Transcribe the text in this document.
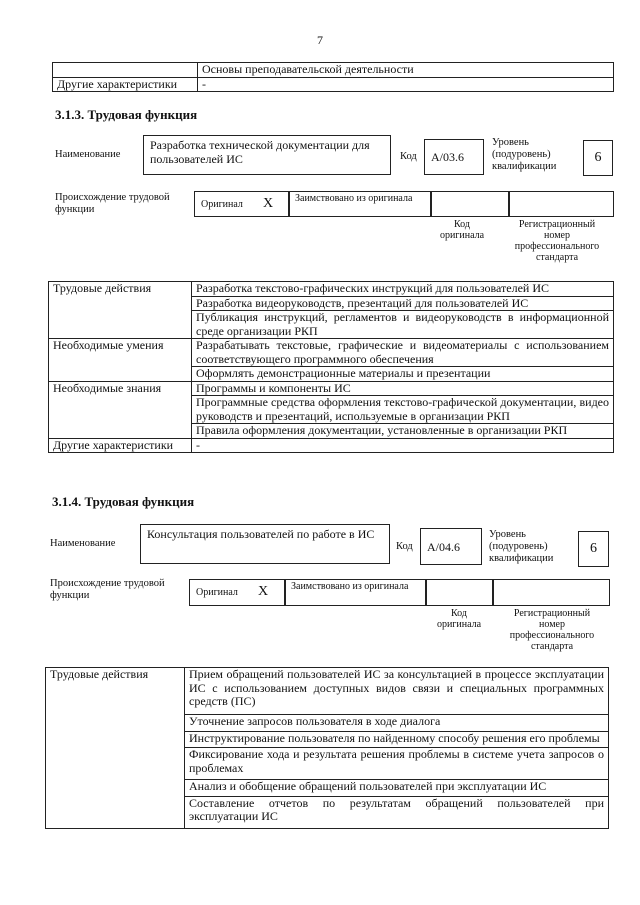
7
	Основы преподавательской деятельности
Другие характеристики	-
3.1.3. Трудовая функция
Наименование
Разработка технической документации для пользователей ИС	Код	А/03.6
Уровень (подуровень) квалификации
6
Происхождение трудовой функции	Оригинал X	Заимствовано из оригинала
Код оригинала
Регистрационный номер профессионального стандарта
Трудовые действия	Разработка текстово-графических инструкций для пользователей ИС
	Разработка видеоруководств, презентаций для пользователей ИС
	Публикация инструкций, регламентов и видеоруководств в информационной среде организации РКП
Необходимые умения	Разрабатывать текстовые, графические и видеоматериалы с использованием соответствующего программного обеспечения
	Оформлять демонстрационные материалы и презентации
Необходимые знания	Программы и компоненты ИС
	Программные средства оформления текстово-графической документации, видео руководств и презентаций, используемые в организации РКП
	Правила оформления документации, установленные в организации РКП
Другие характеристики	-
3.1.4. Трудовая функция
Наименование
Консультация пользователей по работе в ИС
Код	А/04.6
Уровень (подуровень) квалификации
6
Происхождение трудовой функции	Оригинал X	Заимствовано из оригинала
Код оригинала
Регистрационный номер профессионального стандарта
Трудовые действия	Прием обращений пользователей ИС за консультацией в процессе эксплуатации ИС с использованием доступных видов связи и специальных программных средств (ПС)
Уточнение запросов пользователя в ходе диалога
Инструктирование пользователя по найденному способу решения его проблемы
Фиксирование хода и результата решения проблемы в системе учета запросов о проблемах
Анализ и обобщение обращений пользователей при эксплуатации ИС
Составление отчетов по результатам обращений пользователей при эксплуатации ИС
